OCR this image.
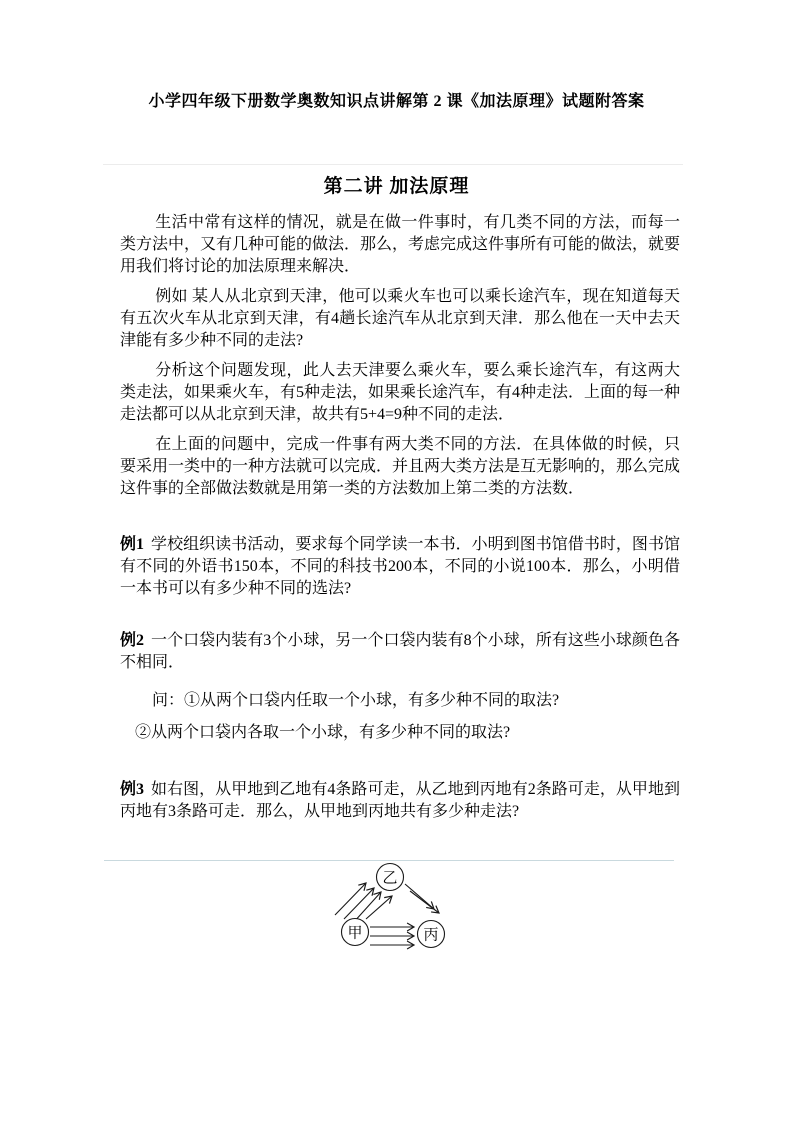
小学四年级下册数学奥数知识点讲解第 2 课《加法原理》试题附答案
第二讲 加法原理

生活中常有这样的情况，就是在做一件事时，有几类不同的方法，而每一类方法中，又有几种可能的做法．那么，考虑完成这件事所有可能的做法，就要用我们将讨论的加法原理来解决．

例如 某人从北京到天津，他可以乘火车也可以乘长途汽车，现在知道每天有五次火车从北京到天津，有4趟长途汽车从北京到天津．那么他在一天中去天津能有多少种不同的走法?

分析这个问题发现，此人去天津要么乘火车，要么乘长途汽车，有这两大类走法，如果乘火车，有5种走法，如果乘长途汽车，有4种走法．上面的每一种走法都可以从北京到天津，故共有5+4=9种不同的走法．

在上面的问题中，完成一件事有两大类不同的方法．在具体做的时候，只要采用一类中的一种方法就可以完成．并且两大类方法是互无影响的，那么完成这件事的全部做法数就是用第一类的方法数加上第二类的方法数．

例1 学校组织读书活动，要求每个同学读一本书．小明到图书馆借书时，图书馆有不同的外语书150本，不同的科技书200本，不同的小说100本．那么，小明借一本书可以有多少种不同的选法?

例2 一个口袋内装有3个小球，另一个口袋内装有8个小球，所有这些小球颜色各不相同．

问：①从两个口袋内任取一个小球，有多少种不同的取法?

②从两个口袋内各取一个小球，有多少种不同的取法?

例3 如右图，从甲地到乙地有4条路可走，从乙地到丙地有2条路可走，从甲地到丙地有3条路可走．那么，从甲地到丙地共有多少种走法?

乙
甲	丙
